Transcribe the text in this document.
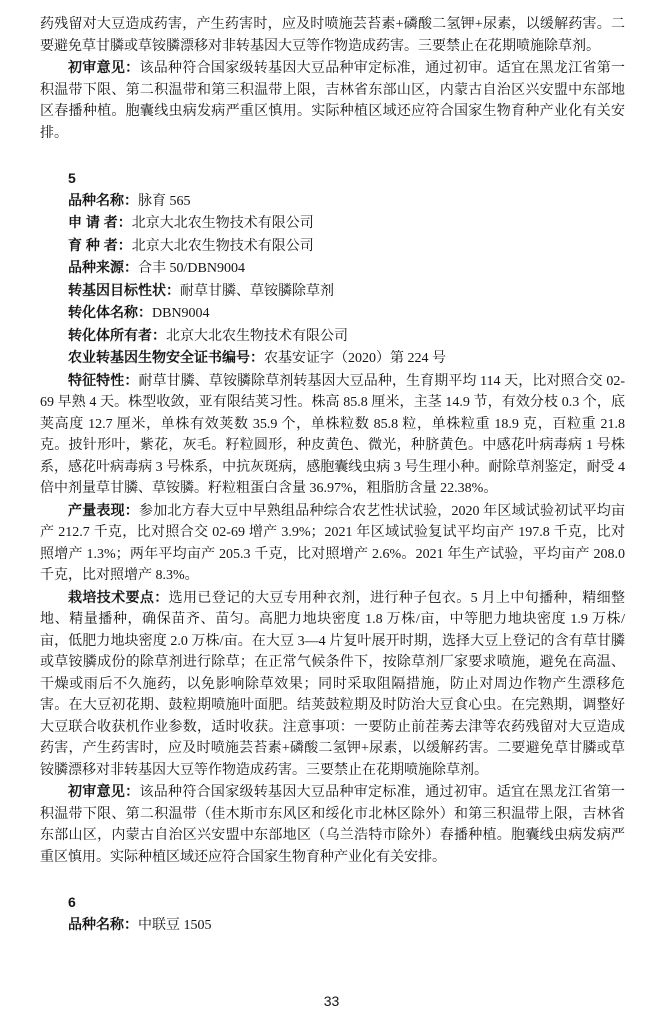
药残留对大豆造成药害，产生药害时，应及时喷施芸苔素+磷酸二氢钾+尿素，以缓解药害。二要避免草甘膦或草铵膦漂移对非转基因大豆等作物造成药害。三要禁止在花期喷施除草剂。

初审意见：该品种符合国家级转基因大豆品种审定标准，通过初审。适宜在黑龙江省第一积温带下限、第二积温带和第三积温带上限，吉林省东部山区，内蒙古自治区兴安盟中东部地区春播种植。胞囊线虫病发病严重区慎用。实际种植区域还应符合国家生物育种产业化有关安排。

5

品种名称：脉育 565

申 请 者：北京大北农生物技术有限公司

育 种 者：北京大北农生物技术有限公司

品种来源：合丰 50/DBN9004

转基因目标性状：耐草甘膦、草铵膦除草剂

转化体名称：DBN9004

转化体所有者：北京大北农生物技术有限公司

农业转基因生物安全证书编号：农基安证字（2020）第 224 号

特征特性：耐草甘膦、草铵膦除草剂转基因大豆品种，生育期平均 114 天，比对照合交 02-69 早熟 4 天。株型收敛，亚有限结荚习性。株高 85.8 厘米，主茎 14.9 节，有效分枝 0.3 个，底荚高度 12.7 厘米，单株有效荚数 35.9 个，单株粒数 85.8 粒，单株粒重 18.9 克，百粒重 21.8 克。披针形叶，紫花，灰毛。籽粒圆形，种皮黄色、微光，种脐黄色。中感花叶病毒病 1 号株系，感花叶病毒病 3 号株系，中抗灰斑病，感胞囊线虫病 3 号生理小种。耐除草剂鉴定，耐受 4 倍中剂量草甘膦、草铵膦。籽粒粗蛋白含量 36.97%，粗脂肪含量 22.38%。

产量表现：参加北方春大豆中早熟组品种综合农艺性状试验，2020 年区域试验初试平均亩产 212.7 千克，比对照合交 02-69 增产 3.9%；2021 年区域试验复试平均亩产 197.8 千克，比对照增产 1.3%；两年平均亩产 205.3 千克，比对照增产 2.6%。2021 年生产试验，平均亩产 208.0 千克，比对照增产 8.3%。

栽培技术要点：选用已登记的大豆专用种衣剂，进行种子包衣。5 月上中旬播种，精细整地、精量播种，确保苗齐、苗匀。高肥力地块密度 1.8 万株/亩，中等肥力地块密度 1.9 万株/亩，低肥力地块密度 2.0 万株/亩。在大豆 3—4 片复叶展开时期，选择大豆上登记的含有草甘膦或草铵膦成份的除草剂进行除草；在正常气候条件下，按除草剂厂家要求喷施，避免在高温、干燥或雨后不久施药，以免影响除草效果；同时采取阻隔措施，防止对周边作物产生漂移危害。在大豆初花期、鼓粒期喷施叶面肥。结荚鼓粒期及时防治大豆食心虫。在完熟期，调整好大豆联合收获机作业参数，适时收获。注意事项：一要防止前茬莠去津等农药残留对大豆造成药害，产生药害时，应及时喷施芸苔素+磷酸二氢钾+尿素，以缓解药害。二要避免草甘膦或草铵膦漂移对非转基因大豆等作物造成药害。三要禁止在花期喷施除草剂。

初审意见：该品种符合国家级转基因大豆品种审定标准，通过初审。适宜在黑龙江省第一积温带下限、第二积温带（佳木斯市东风区和绥化市北林区除外）和第三积温带上限，吉林省东部山区，内蒙古自治区兴安盟中东部地区（乌兰浩特市除外）春播种植。胞囊线虫病发病严重区慎用。实际种植区域还应符合国家生物育种产业化有关安排。

6

品种名称：中联豆 1505

33
